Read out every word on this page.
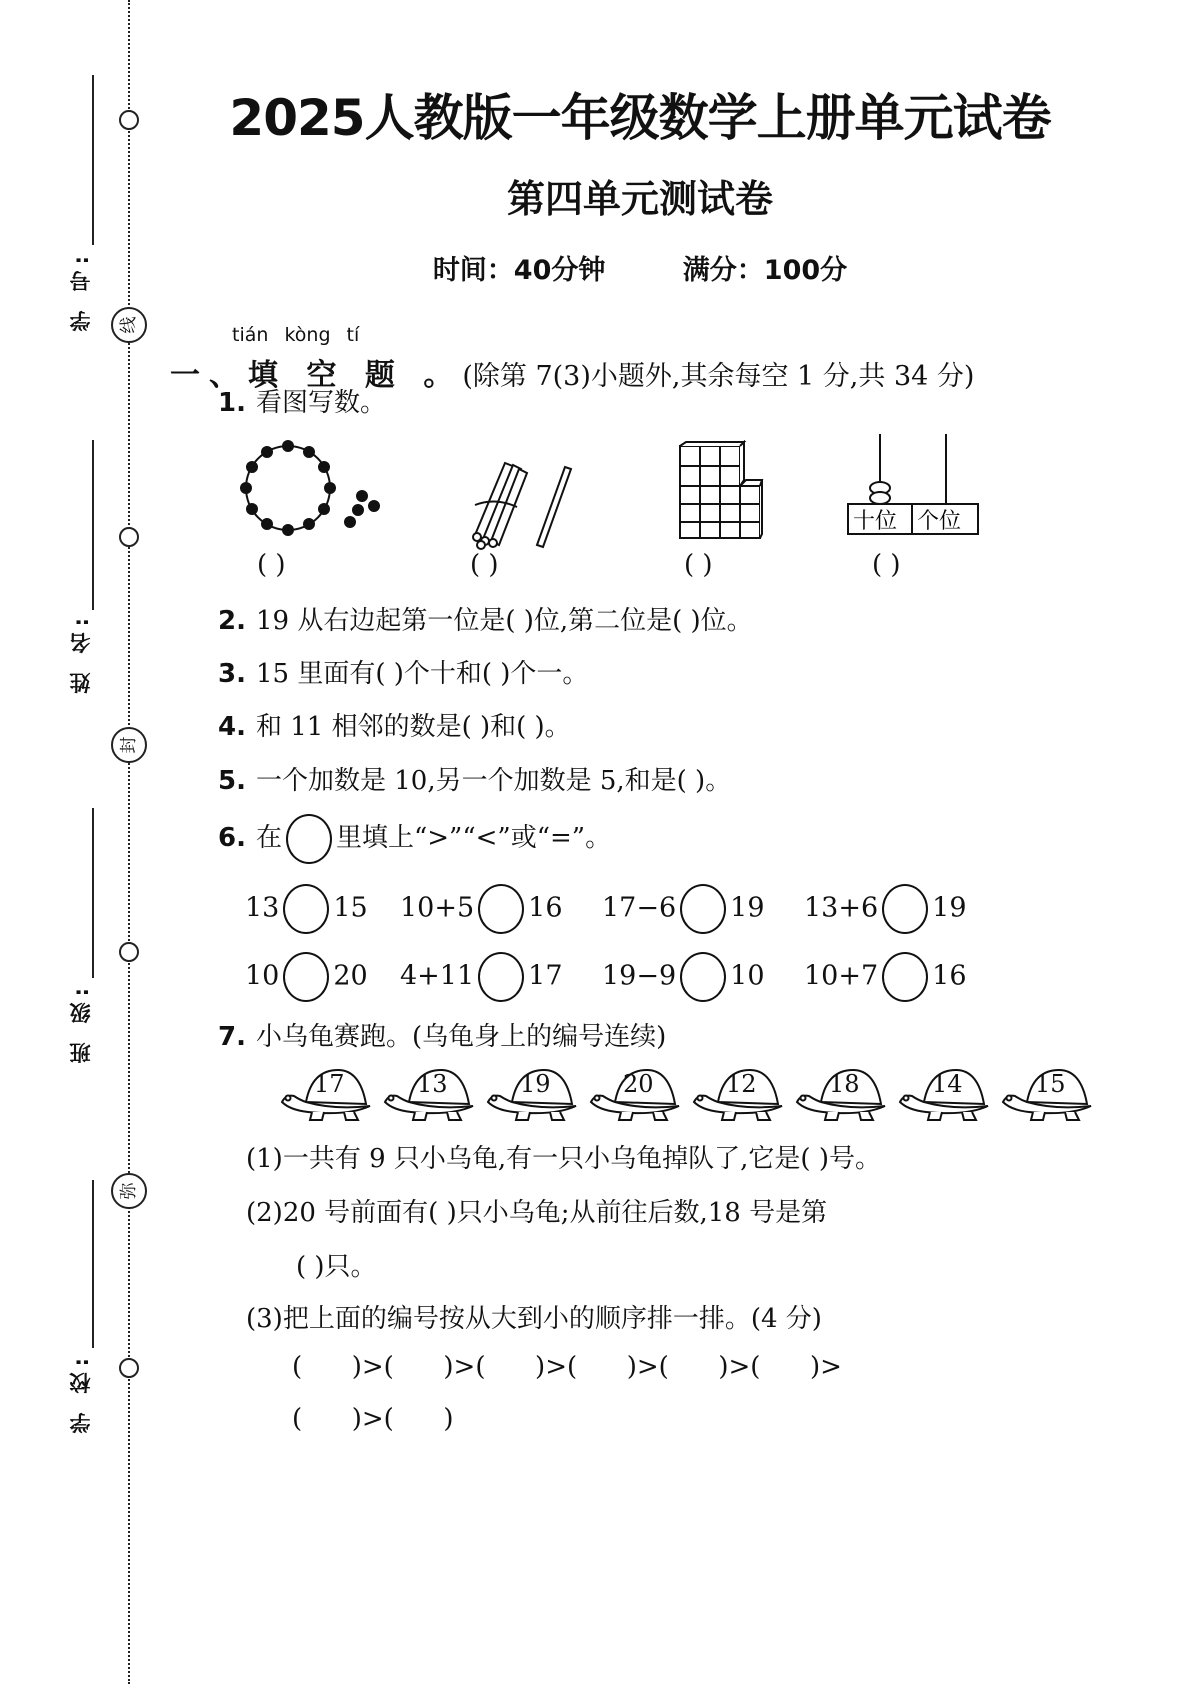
线
封
弥
学 号:
姓 名:
班 级:
学 校:
2025人教版一年级数学上册单元试卷
第四单元测试卷
时间：40分钟	满分：100分
tián kòng tí
一、填 空 题 。(除第 7(3)小题外,其余每空 1 分,共 34 分)
1. 看图写数。
十位 个位
( )	( )	( )	( )
2. 19 从右边起第一位是( )位,第二位是( )位。
3. 15 里面有( )个十和( )个一。
4. 和 11 相邻的数是( )和( )。
5. 一个加数是 10,另一个加数是 5,和是( )。
6. 在 里填上“>”“<”或“=”。
13 15 10+5 16 17−6 19 13+6 19
10 20 4+11 17 19−9 10 10+7 16
7. 小乌龟赛跑。(乌龟身上的编号连续)
17	13	19	20	12	18	14	15
(1)一共有 9 只小乌龟,有一只小乌龟掉队了,它是( )号。
(2)20 号前面有( )只小乌龟;从前往后数,18 号是第
( )只。
(3)把上面的编号按从大到小的顺序排一排。(4 分)
(      )>(      )>(      )>(      )>(      )>(      )>
(      )>(      )
